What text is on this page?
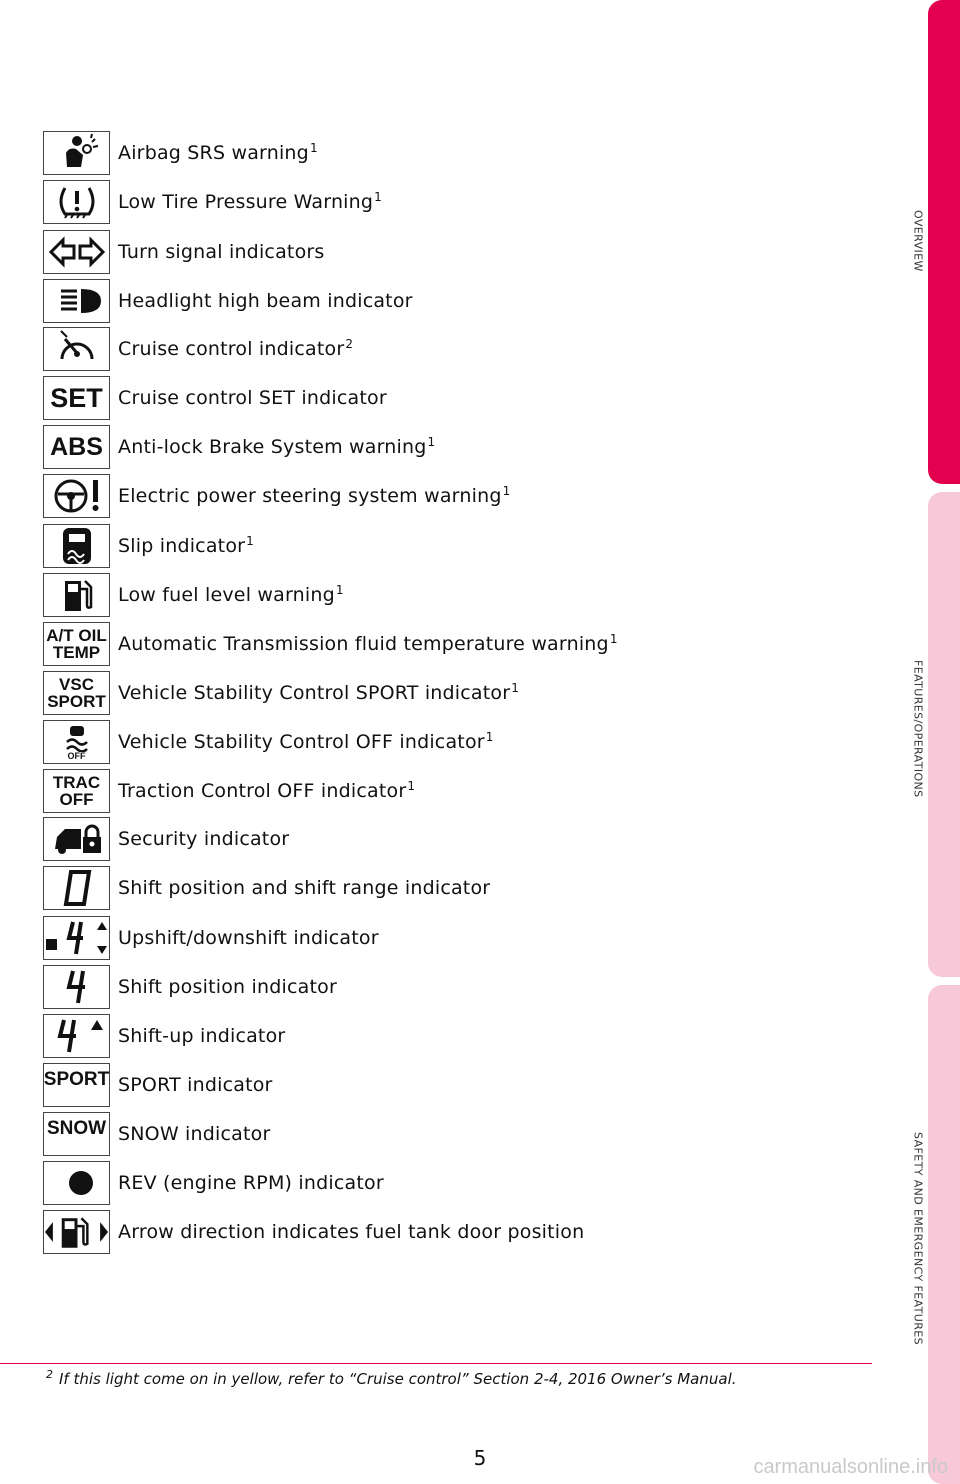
OVERVIEW
FEATURES/OPERATIONS
SAFETY AND EMERGENCY FEATURES
Airbag SRS warning$^1$
Low Tire Pressure Warning$^1$
Turn signal indicators
Headlight high beam indicator
Cruise control indicator$^2$
SET Cruise control SET indicator
ABS Anti-lock Brake System warning$^1$
Electric power steering system warning$^1$
Slip indicator$^1$
Low fuel level warning$^1$
A/T OIL
TEMP Automatic Transmission fluid temperature warning$^1$
VSC
SPORT Vehicle Stability Control SPORT indicator$^1$
OFF
Vehicle Stability Control OFF indicator$^1$
TRAC
OFF	Traction Control OFF indicator$^1$
Security indicator
Shift position and shift range indicator
Upshift/downshift indicator
Shift position indicator
Shift-up indicator
SPORT SPORT indicator
SNOW SNOW indicator
REV (engine RPM) indicator
Arrow direction indicates fuel tank door position
$^2$ If this light come on in yellow, refer to “Cruise control” Section 2-4, 2016 Owner’s Manual.
5	carmanualsonline.info
